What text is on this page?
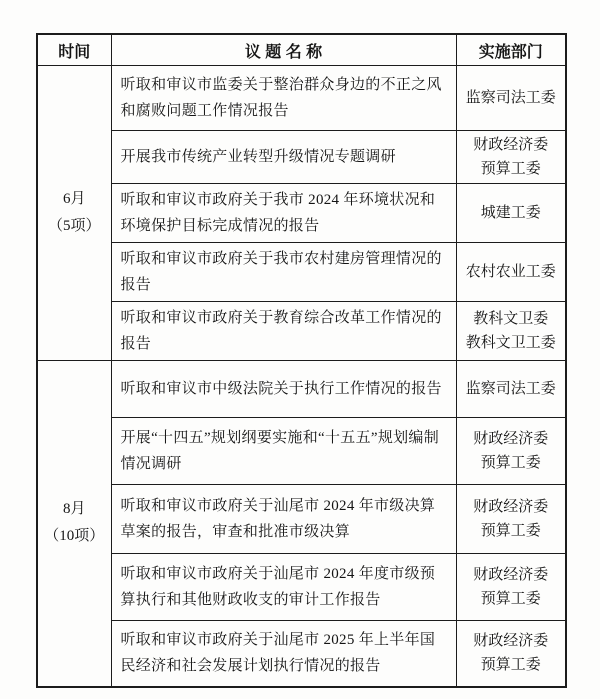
时间	议 题 名 称	实施部门

6月
（5项）	听取和审议市监委关于整治群众身边的不正之风和腐败问题工作情况报告	监察司法工委

	开展我市传统产业转型升级情况专题调研	财政经济委
预算工委

	听取和审议市政府关于我市 2024 年环境状况和环境保护目标完成情况的报告	城建工委

	听取和审议市政府关于我市农村建房管理情况的报告	农村农业工委

	听取和审议市政府关于教育综合改革工作情况的报告	教科文卫委
教科文卫工委

8月
（10项）	听取和审议市中级法院关于执行工作情况的报告	监察司法工委

	开展“十四五”规划纲要实施和“十五五”规划编制情况调研	财政经济委
预算工委

	听取和审议市政府关于汕尾市 2024 年市级决算草案的报告，审查和批准市级决算	财政经济委
预算工委

	听取和审议市政府关于汕尾市 2024 年度市级预算执行和其他财政收支的审计工作报告	财政经济委
预算工委

	听取和审议市政府关于汕尾市 2025 年上半年国民经济和社会发展计划执行情况的报告	财政经济委
预算工委
